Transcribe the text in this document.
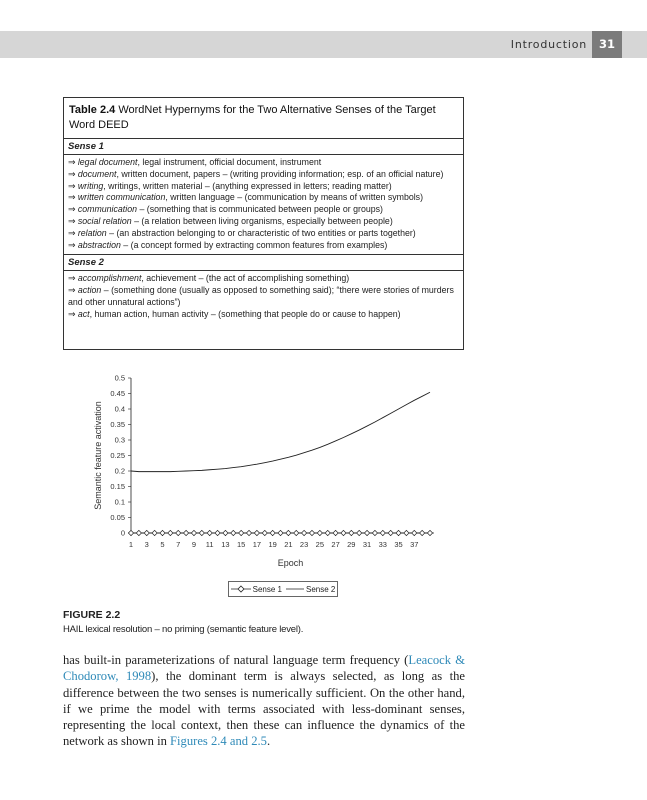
Introduction	31
Table 2.4 WordNet Hypernyms for the Two Alternative Senses of the Target Word DEED
Sense 1
⇒ legal document, legal instrument, official document, instrument
⇒ document, written document, papers – (writing providing information; esp. of an official nature)
⇒ writing, writings, written material – (anything expressed in letters; reading matter)
⇒ written communication, written language – (communication by means of written symbols)
⇒ communication – (something that is communicated between people or groups)
⇒ social relation – (a relation between living organisms, especially between people)
⇒ relation – (an abstraction belonging to or characteristic of two entities or parts together)
⇒ abstraction – (a concept formed by extracting common features from examples)
Sense 2
⇒ accomplishment, achievement – (the act of accomplishing something)
⇒ action – (something done (usually as opposed to something said); “there were stories of murders and other unnatural actions”)
⇒ act, human action, human activity – (something that people do or cause to happen)
0
0.05
0.1
0.15
0.2
0.25
0.3
0.35
0.4
0.45
0.5
1 3 5 7 9 11 13 15 17 19 21 23 25 27 29 31 33 35 37
Epoch
Semantic feature activation
Sense 1	Sense 2
FIGURE 2.2
HAIL lexical resolution – no priming (semantic feature level).
has built-in parameterizations of natural language term frequency (Leacock & Chodorow, 1998), the dominant term is always selected, as long as the difference between the two senses is numerically sufficient. On the other hand, if we prime the model with terms associated with less-dominant senses, representing the local context, then these can influence the dynamics of the network as shown in Figures 2.4 and 2.5.
